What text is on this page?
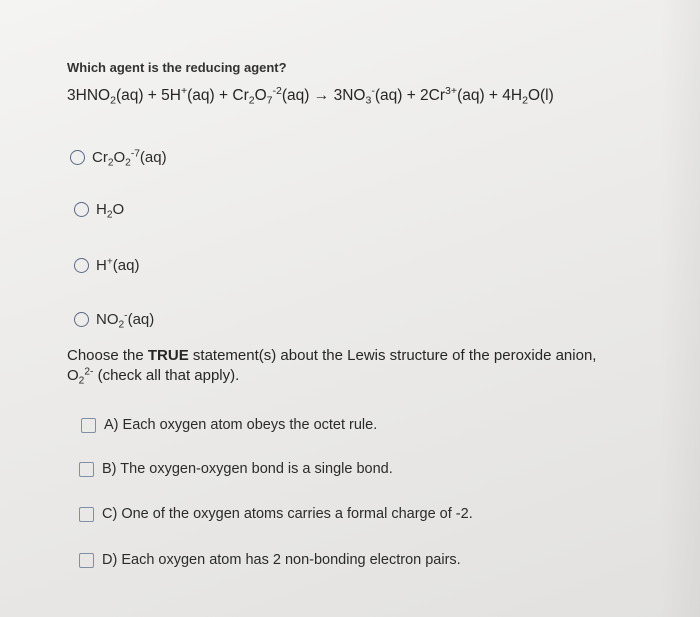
Which agent is the reducing agent?
$3HNO_2(aq) + 5H^+(aq) + Cr_2O_7^{-2}(aq) \to 3NO_3^-(aq) + 2Cr^{3+}(aq) + 4H_2O(l)$
$Cr_2O_2^{-7}(aq)$
$H_2O$
H+(aq)
$NO_2^-(aq)$
Choose the TRUE statement(s) about the Lewis structure of the peroxide anion,
$O_2^{2-}$ (check all that apply).
A) Each oxygen atom obeys the octet rule.
B) The oxygen-oxygen bond is a single bond.
C) One of the oxygen atoms carries a formal charge of -2.
D) Each oxygen atom has 2 non-bonding electron pairs.
